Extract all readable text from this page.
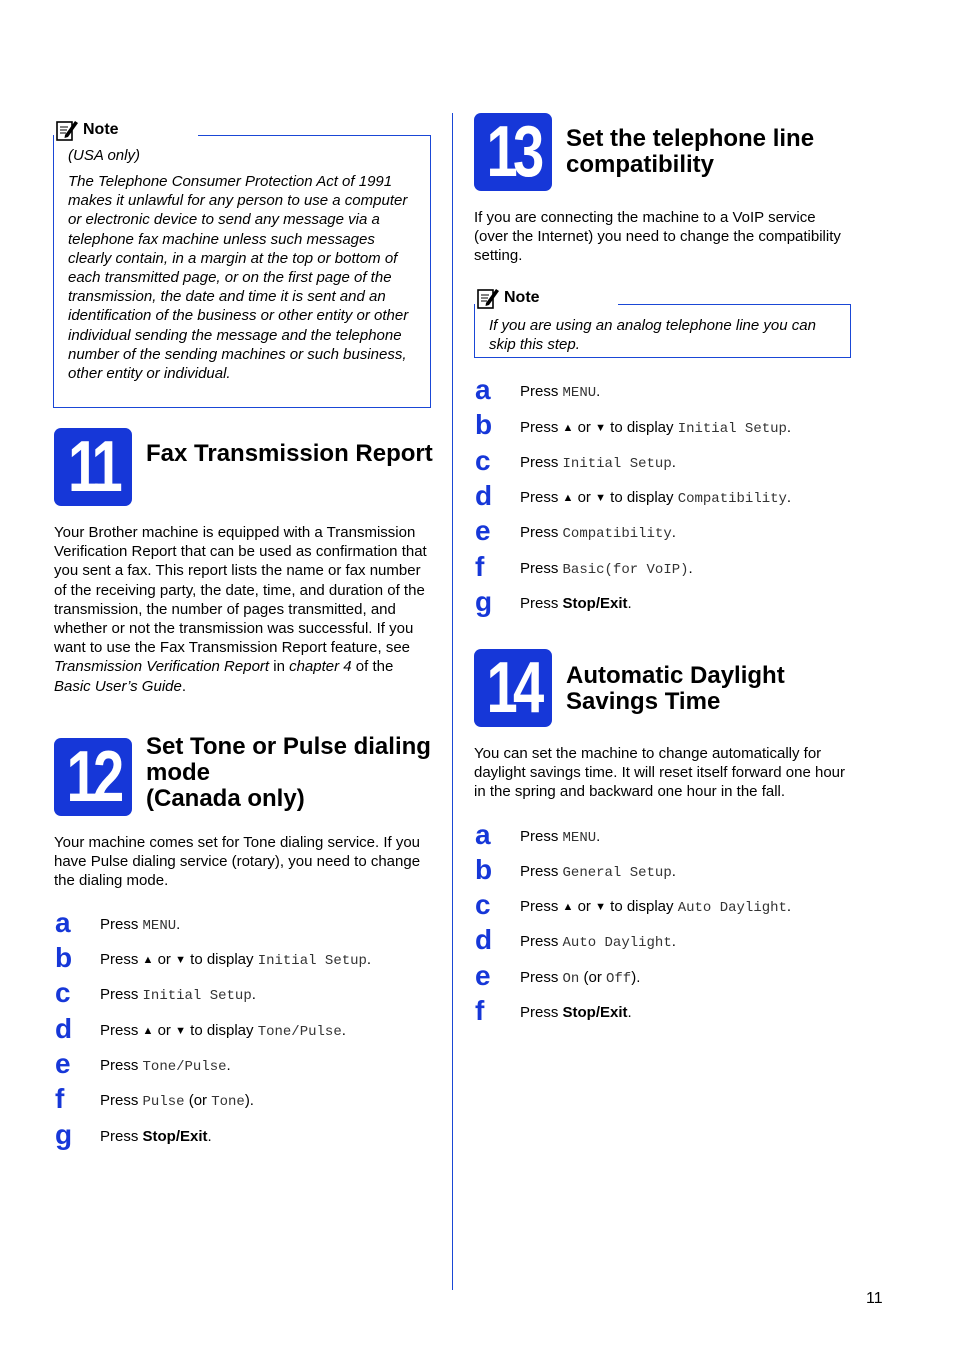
Note
(USA only)
The Telephone Consumer Protection Act of 1991 makes it unlawful for any person to use a computer or electronic device to send any message via a telephone fax machine unless such messages clearly contain, in a margin at the top or bottom of each transmitted page, or on the first page of the transmission, the date and time it is sent and an identification of the business or other entity or other individual sending the message and the telephone number of the sending machines or such business, other entity or individual.
11 Fax Transmission Report
Your Brother machine is equipped with a Transmission Verification Report that can be used as confirmation that you sent a fax. This report lists the name or fax number of the receiving party, the date, time, and duration of the transmission, the number of pages transmitted, and whether or not the transmission was successful. If you want to use the Fax Transmission Report feature, see Transmission Verification Report in chapter 4 of the Basic User’s Guide.
12 Set Tone or Pulse dialing
mode
(Canada only)
Your machine comes set for Tone dialing service. If you have Pulse dialing service (rotary), you need to change the dialing mode.
a Press MENU.
b Press ▲ or ▼ to display Initial Setup.
c Press Initial Setup.
d Press ▲ or ▼ to display Tone/Pulse.
e Press Tone/Pulse.
f Press Pulse (or Tone).
g Press Stop/Exit.
13 Set the telephone line
compatibility
If you are connecting the machine to a VoIP service (over the Internet) you need to change the compatibility setting.
Note
If you are using an analog telephone line you can skip this step.
a Press MENU.
b Press ▲ or ▼ to display Initial Setup.
c Press Initial Setup.
d Press ▲ or ▼ to display Compatibility.
e Press Compatibility.
f Press Basic(for VoIP).
g Press Stop/Exit.
14 Automatic Daylight
Savings Time
You can set the machine to change automatically for daylight savings time. It will reset itself forward one hour in the spring and backward one hour in the fall.
a Press MENU.
b Press General Setup.
c Press ▲ or ▼ to display Auto Daylight.
d Press Auto Daylight.
e Press On (or Off).
f Press Stop/Exit.
11
